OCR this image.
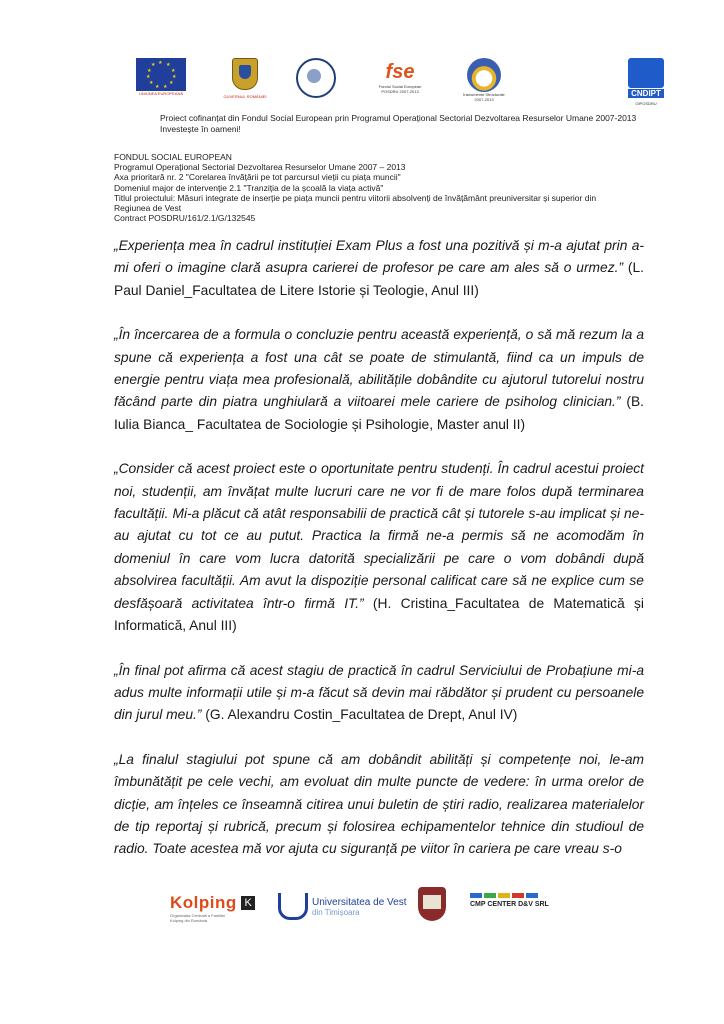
★ ★
★
★
★
★
★
★
★
★
★
UNIUNEA EUROPEANĂ
GUVERNUL ROMÂNIEI
fse
Fondul Social European
POSDRU 2007-2013
Instrumente Structurale
2007-2013
CNDIPT
OIPOSDRU
Proiect cofinanțat din Fondul Social European prin Programul Operațional Sectorial Dezvoltarea Resurselor Umane 2007-2013
Investește în oameni!
FONDUL SOCIAL EUROPEAN
Programul Operațional Sectorial Dezvoltarea Resurselor Umane 2007 – 2013
Axa prioritară nr. 2 "Corelarea învățării pe tot parcursul vieții cu piața muncii"
Domeniul major de intervenție 2.1 "Tranziția de la școală la viața activă"
Titlul proiectului: Măsuri integrate de inserție pe piața muncii pentru viitorii absolvenți de învățământ preuniversitar și superior din
Regiunea de Vest
Contract POSDRU/161/2.1/G/132545

„Experiența mea în cadrul instituției Exam Plus a fost una pozitivă și m-a ajutat prin a-mi oferi o imagine clară asupra carierei de profesor pe care am ales să o urmez.” (L. Paul Daniel_Facultatea de Litere Istorie și Teologie, Anul III)

„În încercarea de a formula o concluzie pentru această experiență, o să mă rezum la a spune că experiența a fost una cât se poate de stimulantă, fiind ca un impuls de energie pentru viața mea profesională, abilitățile dobândite cu ajutorul tutorelui nostru făcând parte din piatra unghiulară a viitoarei mele cariere de psiholog clinician.” (B. Iulia Bianca_ Facultatea de Sociologie și Psihologie, Master anul II)

„Consider că acest proiect este o oportunitate pentru studenți. În cadrul acestui proiect noi, studenții, am învățat multe lucruri care ne vor fi de mare folos după terminarea facultății. Mi-a plăcut că atât responsabilii de practică cât și tutorele s-au implicat și ne-au ajutat cu tot ce au putut. Practica la firmă ne-a permis să ne acomodăm în domeniul în care vom lucra datorită specializării pe care o vom dobândi după absolvirea facultății. Am avut la dispoziție personal calificat care să ne explice cum se desfășoară activitatea într-o firmă IT.” (H. Cristina_Facultatea de Matematică și Informatică, Anul III)

„În final pot afirma că acest stagiu de practică în cadrul Serviciului de Probațiune mi-a adus multe informații utile și m-a făcut să devin mai răbdător și prudent cu persoanele din jurul meu.” (G. Alexandru Costin_Facultatea de Drept, Anul IV)

„La finalul stagiului pot spune că am dobândit abilități și competențe noi, le-am îmbunătățit pe cele vechi, am evoluat din multe puncte de vedere: în urma orelor de dicție, am înțeles ce înseamnă citirea unui buletin de știri radio, realizarea materialelor de tip reportaj și rubrică, precum și folosirea echipamentelor tehnice din studioul de radio. Toate acestea mă vor ajuta cu siguranță pe viitor în cariera pe care vreau s-o

Kolping K
Organizația Centrală a Familiei
Kolping din România
Universitatea de Vest
din Timișoara
CMP CENTER D&V SRL
